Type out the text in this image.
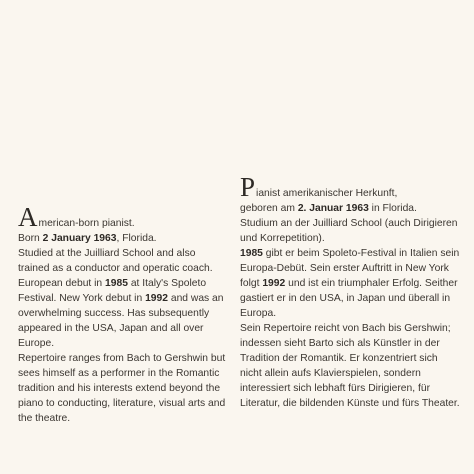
American-born pianist.

Born 2 January 1963, Florida.

Studied at the Juilliard School and also trained as a conductor and operatic coach.

European debut in 1985 at Italy's Spoleto Festival. New York debut in 1992 and was an overwhelming success. Has subsequently appeared in the USA, Japan and all over Europe.

Repertoire ranges from Bach to Gershwin but sees himself as a performer in the Romantic tradition and his interests extend beyond the piano to conducting, literature, visual arts and the theatre.

Pianist amerikanischer Herkunft,

geboren am 2. Januar 1963 in Florida.

Studium an der Juilliard School (auch Dirigieren und Korrepetition).

1985 gibt er beim Spoleto-Festival in Italien sein Europa-Debüt. Sein erster Auftritt in New York folgt 1992 und ist ein triumphaler Erfolg. Seither gastiert er in den USA, in Japan und überall in Europa.

Sein Repertoire reicht von Bach bis Gershwin; indessen sieht Barto sich als Künstler in der Tradition der Romantik. Er konzentriert sich nicht allein aufs Klavierspielen, sondern interessiert sich lebhaft fürs Dirigieren, für Literatur, die bildenden Künste und fürs Theater.
